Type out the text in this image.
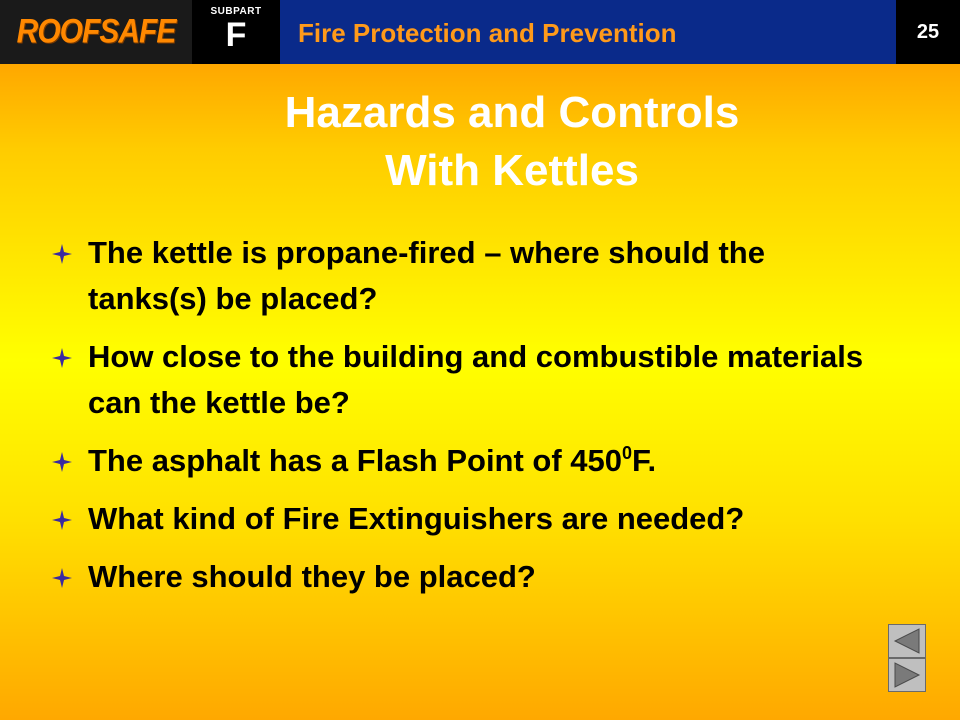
ROOFSAFE
SUBPART
F	Fire Protection and Prevention	25
Hazards and Controls
With Kettles
The kettle is propane-fired – where should the tanks(s) be placed?
How close to the building and combustible materials can the kettle be?
The asphalt has a Flash Point of $450^0F$.
What kind of Fire Extinguishers are needed?
Where should they be placed?
